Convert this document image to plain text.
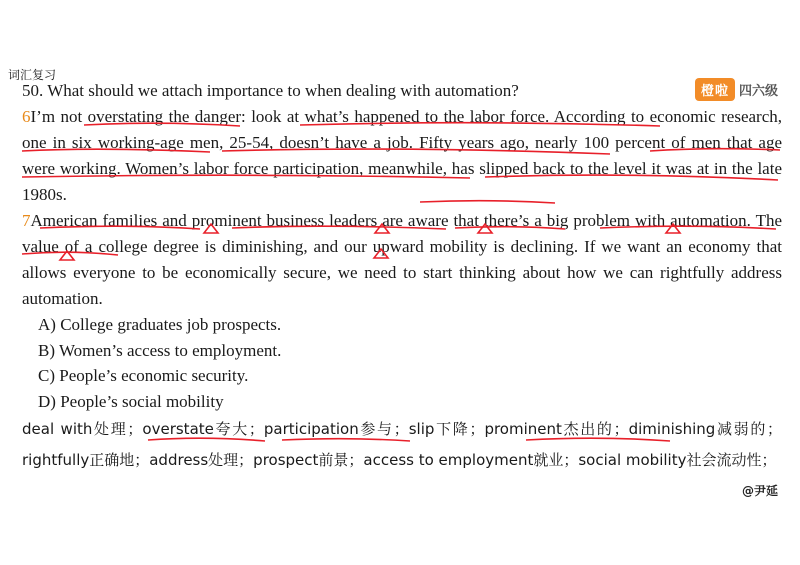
词汇复习
橙啦 四六级

50. What should we attach importance to when dealing with automation?

6I’m not overstating the danger: look at what’s happened to the labor force. According to economic research, one in six working-age men, 25-54, doesn’t have a job. Fifty years ago, nearly 100 percent of men that age were working. Women’s labor force participation, meanwhile, has slipped back to the level it was at in the late 1980s.

7American families and prominent business leaders are aware that there’s a big problem with automation. The value of a college degree is diminishing, and our upward mobility is declining. If we want an economy that allows everyone to be economically secure, we need to start thinking about how we can rightfully address automation.

A) College graduates job prospects.
B) Women’s access to employment.
C) People’s economic security.
D) People’s social mobility
deal with处理；overstate夸大；participation参与；slip下降；prominent杰出的；diminishing减弱的；rightfully正确地；address处理；prospect前景；access to employment就业；social mobility社会流动性；
@尹延
